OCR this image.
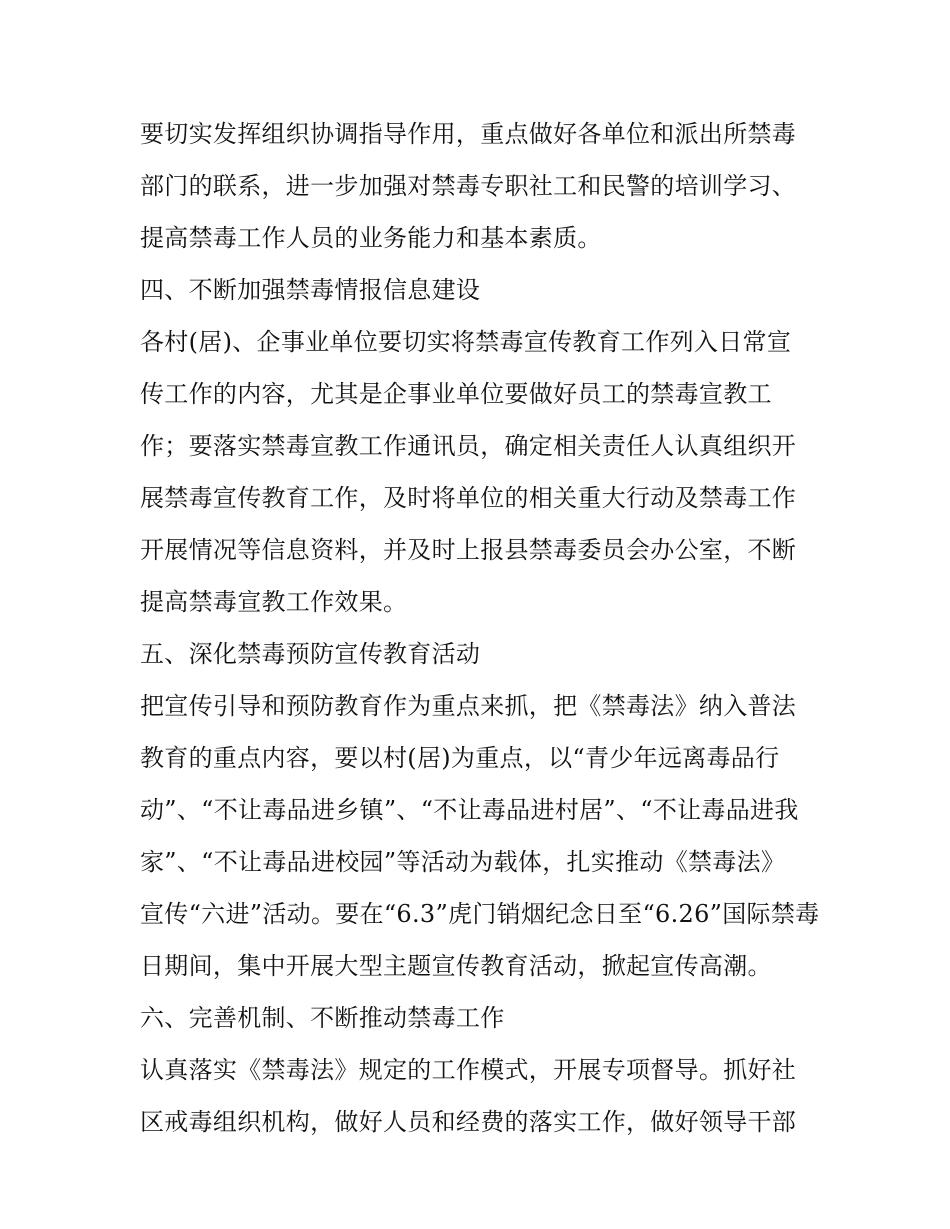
要切实发挥组织协调指导作用，重点做好各单位和派出所禁毒
部门的联系，进一步加强对禁毒专职社工和民警的培训学习、
提高禁毒工作人员的业务能力和基本素质。
四、不断加强禁毒情报信息建设
各村(居)、企事业单位要切实将禁毒宣传教育工作列入日常宣
传工作的内容，尤其是企事业单位要做好员工的禁毒宣教工
作；要落实禁毒宣教工作通讯员，确定相关责任人认真组织开
展禁毒宣传教育工作，及时将单位的相关重大行动及禁毒工作
开展情况等信息资料，并及时上报县禁毒委员会办公室，不断
提高禁毒宣教工作效果。
五、深化禁毒预防宣传教育活动
把宣传引导和预防教育作为重点来抓，把《禁毒法》纳入普法
教育的重点内容，要以村(居)为重点，以“青少年远离毒品行
动”、“不让毒品进乡镇”、“不让毒品进村居”、“不让毒品进我
家”、“不让毒品进校园”等活动为载体，扎实推动《禁毒法》
宣传“六进”活动。要在“6.3”虎门销烟纪念日至“6.26”国际禁毒
日期间，集中开展大型主题宣传教育活动，掀起宣传高潮。
六、完善机制、不断推动禁毒工作
认真落实《禁毒法》规定的工作模式，开展专项督导。抓好社
区戒毒组织机构，做好人员和经费的落实工作，做好领导干部
